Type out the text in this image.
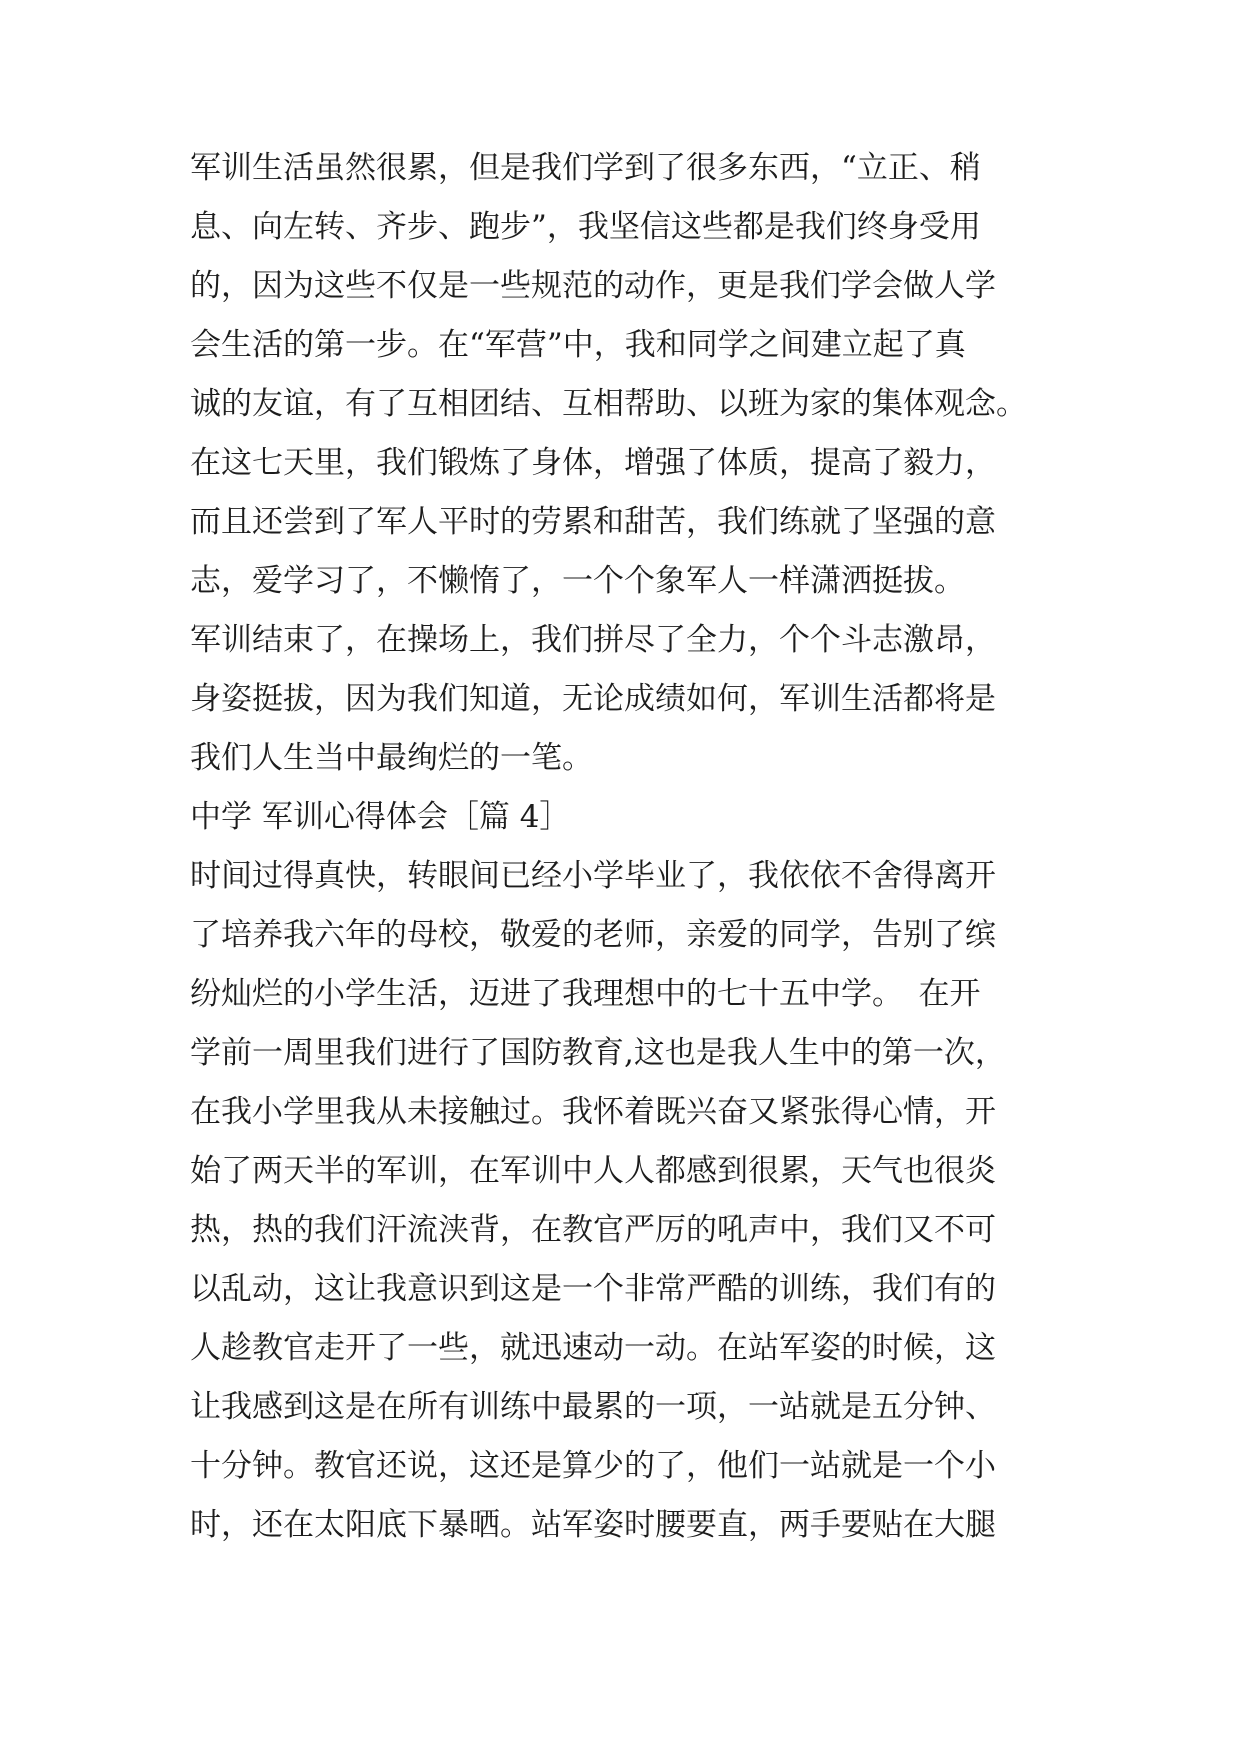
军训生活虽然很累，但是我们学到了很多东西，“立正、稍
息、向左转、齐步、跑步”，我坚信这些都是我们终身受用
的，因为这些不仅是一些规范的动作，更是我们学会做人学
会生活的第一步。在“军营”中，我和同学之间建立起了真
诚的友谊，有了互相团结、互相帮助、以班为家的集体观念。
在这七天里，我们锻炼了身体，增强了体质，提高了毅力，
而且还尝到了军人平时的劳累和甜苦，我们练就了坚强的意
志，爱学习了，不懒惰了，一个个象军人一样潇洒挺拔。
军训结束了，在操场上，我们拼尽了全力，个个斗志激昂，
身姿挺拔，因为我们知道，无论成绩如何，军训生活都将是
我们人生当中最绚烂的一笔。
中学 军训心得体会［篇 4］
时间过得真快，转眼间已经小学毕业了，我依依不舍得离开
了培养我六年的母校，敬爱的老师，亲爱的同学，告别了缤
纷灿烂的小学生活，迈进了我理想中的七十五中学。　在开
学前一周里我们进行了国防教育,这也是我人生中的第一次，
在我小学里我从未接触过。我怀着既兴奋又紧张得心情，开
始了两天半的军训，在军训中人人都感到很累，天气也很炎
热，热的我们汗流浃背，在教官严厉的吼声中，我们又不可
以乱动，这让我意识到这是一个非常严酷的训练，我们有的
人趁教官走开了一些，就迅速动一动。在站军姿的时候，这
让我感到这是在所有训练中最累的一项，一站就是五分钟、
十分钟。教官还说，这还是算少的了，他们一站就是一个小
时，还在太阳底下暴晒。站军姿时腰要直，两手要贴在大腿
